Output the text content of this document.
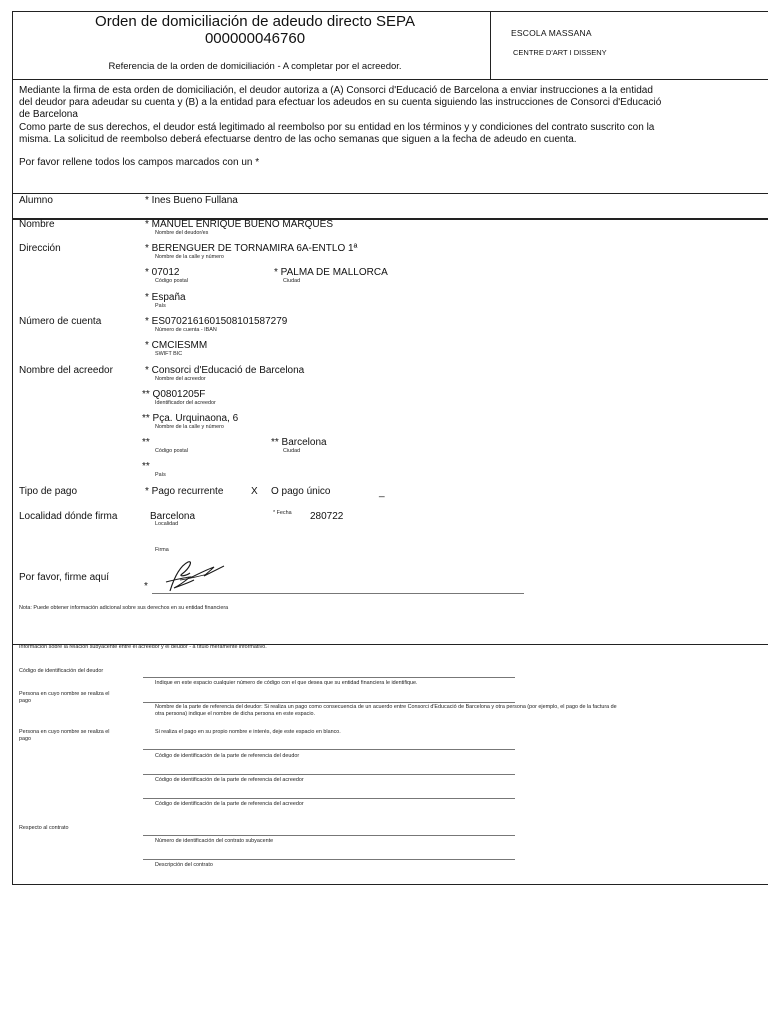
Orden de domiciliación de adeudo directo SEPA
000000046760
Referencia de la orden de domiciliación - A completar por el acreedor.
ESCOLA MASSANA
CENTRE D'ART I DISSENY
Mediante la firma de esta orden de domiciliación, el deudor autoriza a (A) Consorci d'Educació de Barcelona a enviar instrucciones a la entidad
del deudor para adeudar su cuenta y (B) a la entidad para efectuar los adeudos en su cuenta siguiendo las instrucciones de Consorci d'Educació
de Barcelona
Como parte de sus derechos, el deudor está legitimado al reembolso por su entidad en los términos y y condiciones del contrato suscrito con la
misma. La solicitud de reembolso deberá efectuarse dentro de las ocho semanas que siguen a la fecha de adeudo en cuenta.
Por favor rellene todos los campos marcados con un *
Alumno	* Ines Bueno Fullana
Nombre	* MANUEL ENRIQUE BUENO MARQUES
Nombre del deudor/es
Dirección	* BERENGUER DE TORNAMIRA 6A-ENTLO 1ª
Nombre de la calle y número
* 07012
Código postal
* PALMA DE MALLORCA
Ciudad
* España
País
Número de cuenta	* ES0702161601508101587279
Número de cuenta - IBAN
* CMCIESMM
SWIFT BIC
Nombre del acreedor	* Consorci d'Educació de Barcelona
Nombre del acreedor
** Q0801205F
Identificador del acreedor
** Pça. Urquinaona, 6
Nombre de la calle y número
**
Código postal
** Barcelona
Ciudad
**
País
Tipo de pago	* Pago recurrente	X O pago único	_
Localidad dónde firma	Barcelona
Localidad
* Fecha 280722
Firma
Por favor, firme aquí
*
Nota: Puede obtener información adicional sobre sus derechos en su entidad financiera
Información sobre la relación subyacente entre el acreedor y el deudor - a título meramente informativo.
Código de identificación del deudor
Indique en este espacio cualquier número de código con el que desea que su entidad financiera le identifique.
Persona en cuyo nombre se realiza el
pago
Nombre de la parte de referencia del deudor: Si realiza un pago como consecuencia de un acuerdo entre Consorci d'Educació de Barcelona y otra persona (por ejemplo, el pago de la factura de
otra persona) indique el nombre de dicha persona en este espacio.
Persona en cuyo nombre se realiza el
pago
Si realiza el pago en su propio nombre e interés, deje este espacio en blanco.
Código de identificación de la parte de referencia del deudor
Código de identificación de la parte de referencia del acreedor
Código de identificación de la parte de referencia del acreedor
Respecto al contrato
Número de identificación del contrato subyacente
Descripción del contrato
